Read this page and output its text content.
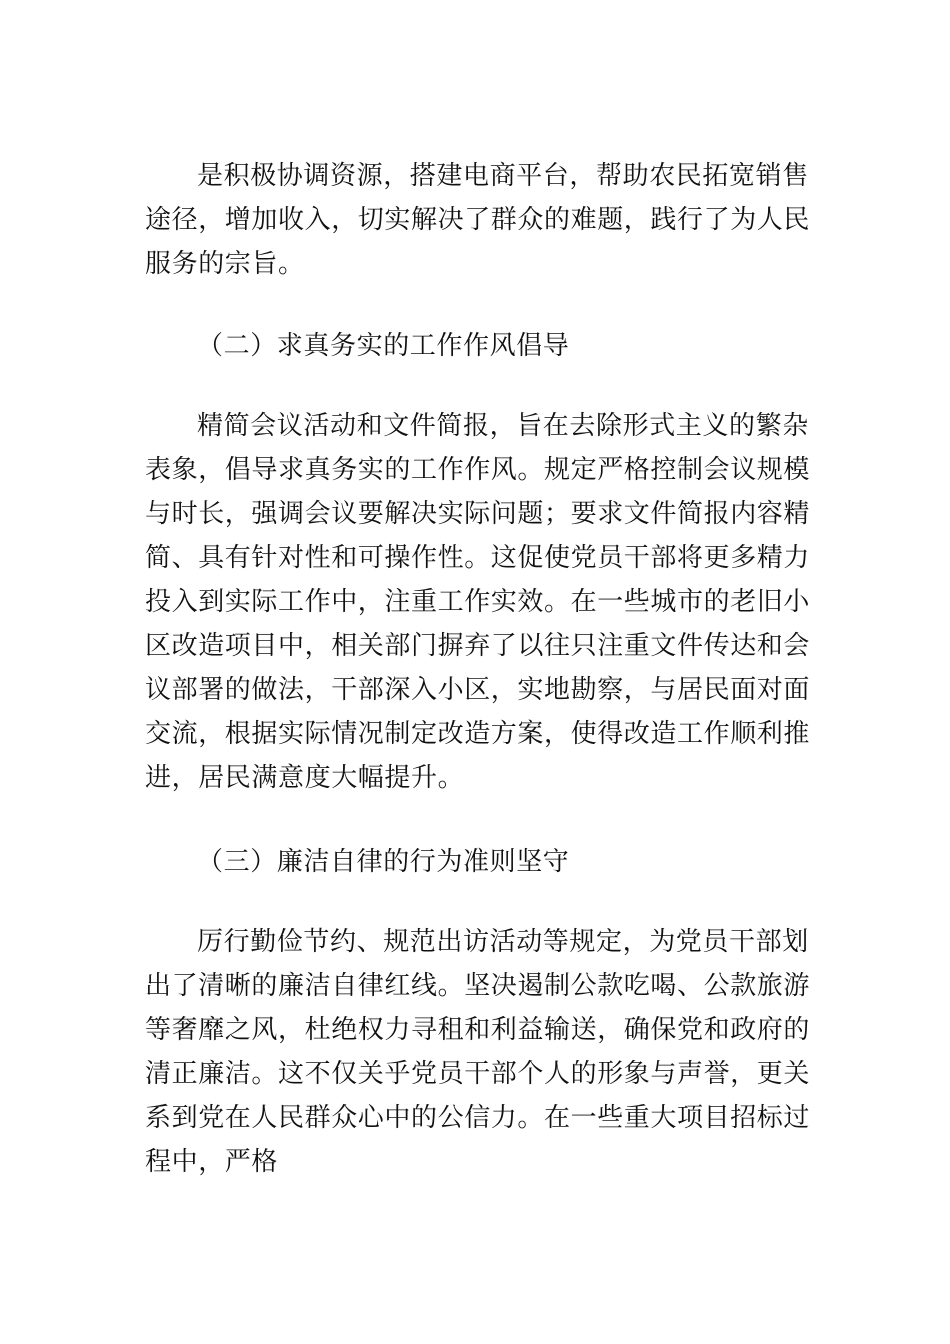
是积极协调资源，搭建电商平台，帮助农民拓宽销售
途径，增加收入，切实解决了群众的难题，践行了为人民
服务的宗旨。
（二）求真务实的工作作风倡导
精简会议活动和文件简报，旨在去除形式主义的繁杂
表象，倡导求真务实的工作作风。规定严格控制会议规模
与时长，强调会议要解决实际问题；要求文件简报内容精
简、具有针对性和可操作性。这促使党员干部将更多精力
投入到实际工作中，注重工作实效。在一些城市的老旧小
区改造项目中，相关部门摒弃了以往只注重文件传达和会
议部署的做法，干部深入小区，实地勘察，与居民面对面
交流，根据实际情况制定改造方案，使得改造工作顺利推
进，居民满意度大幅提升。
（三）廉洁自律的行为准则坚守
厉行勤俭节约、规范出访活动等规定，为党员干部划
出了清晰的廉洁自律红线。坚决遏制公款吃喝、公款旅游
等奢靡之风，杜绝权力寻租和利益输送，确保党和政府的
清正廉洁。这不仅关乎党员干部个人的形象与声誉，更关
系到党在人民群众心中的公信力。在一些重大项目招标过
程中，严格
